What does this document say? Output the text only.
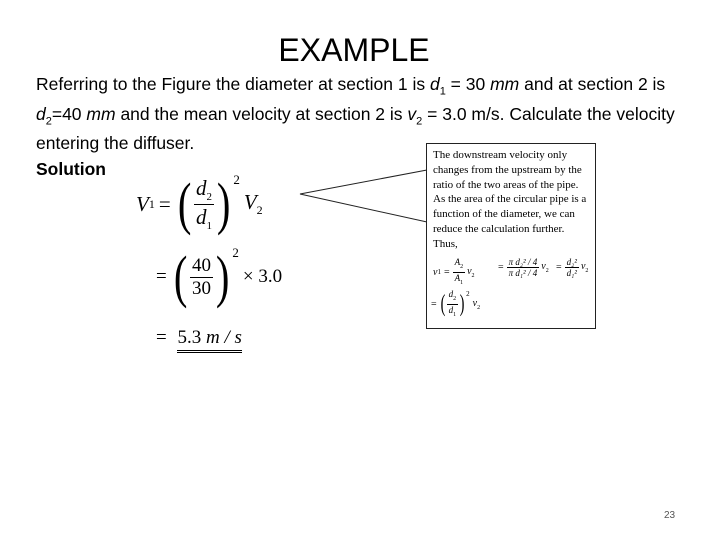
EXAMPLE
Referring to the Figure the diameter at section 1 is $d_1 = 30$ mm and at section 2 is $d_2=40$ mm and the mean velocity at section 2 is $v_2 = 3.0$ m/s. Calculate the velocity entering the diffuser.
Solution
V 1 = ( $\frac{d_2}{d_1}$ ) 2
$V_2$
= ( $\frac{40}{30}$ ) 2
× 3.0
= 5.3 m / s
The downstream velocity only changes from the upstream by the ratio of the two areas of the pipe. As the area of the circular pipe is a function of the diameter, we can reduce the calculation further. Thus,
v $1 = \frac{A_2}{A_1} v_2$
= $\frac{\text{π d₂² / 4}}{\text{π d₁² / 4}} v_2 = \frac{\text{d₂²}}{\text{d₁²}} v_2$
= ( $\frac{d_2}{d_1}$ ) 2
$v_2$
23
